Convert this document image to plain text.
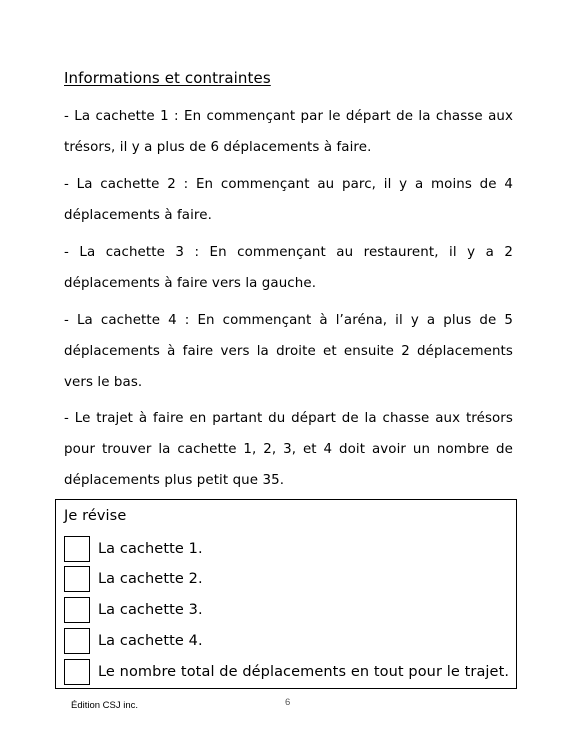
Informations et contraintes
- La cachette 1 : En commençant par le départ de la chasse aux trésors, il y a plus de 6 déplacements à faire.
- La cachette 2 : En commençant au parc, il y a moins de 4 déplacements à faire.
- La cachette 3 : En commençant au restaurent, il y a 2 déplacements à faire vers la gauche.
- La cachette 4 : En commençant à l’aréna, il y a plus de 5 déplacements à faire vers la droite et ensuite 2 déplacements vers le bas.
- Le trajet à faire en partant du départ de la chasse aux trésors pour trouver la cachette 1, 2, 3, et 4 doit avoir un nombre de déplacements plus petit que 35.
Je révise
La cachette 1.
La cachette 2.
La cachette 3.
La cachette 4.
Le nombre total de déplacements en tout pour le trajet.
Édition CSJ inc.	6
